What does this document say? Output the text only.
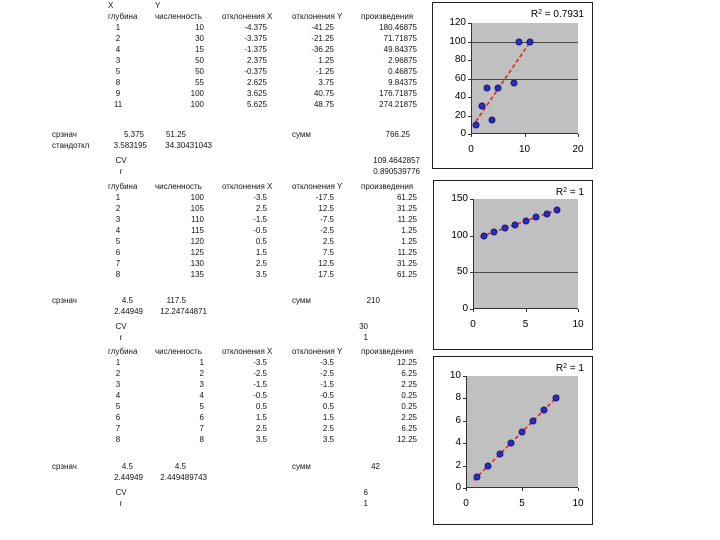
X	Y
глубина	численность	отклонения X	отклонения Y	произведения
1	10	-4.375	-41.25	180.46875
2	30	-3.375	-21.25	71.71875
4	15	-1.375	-36.25	49.84375
3	50	2.375	1.25	2.96875
5	50	-0.375	-1.25	0.46875
8	55	2.625	3.75	9.84375
9	100	3.625	40.75	176.71875
11	100	5.625	48.75	274.21875
срзнач	5.375	51.25	сумм	766.25
стандоткл	3.583195	34.30431043
CV	109.4642857
r	0.890539776
глубина	численность	отклонения X	отклонения Y	произведения
1	100	-3.5	-17.5	61.25
2	105	2.5	12.5	31.25
3	110	-1.5	-7.5	11.25
4	115	-0.5	-2.5	1.25
5	120	0.5	2.5	1.25
6	125	1.5	7.5	11.25
7	130	2.5	12.5	31.25
8	135	3.5	17.5	61.25
срзнач	4.5	117.5	сумм	210
2.44949	12.24744871
CV	30
r	1
глубина	численность	отклонения X	отклонения Y	произведения
1	1	-3.5	-3.5	12.25
2	2	-2.5	-2.5	6.25
3	3	-1.5	-1.5	2.25
4	4	-0.5	-0.5	0.25
5	5	0.5	0.5	0.25
6	6	1.5	1.5	2.25
7	7	2.5	2.5	6.25
8	8	3.5	3.5	12.25
срзнач	4.5	4.5	сумм	42
2.44949	2.449489743
CV	6
r	1
$R^2 = 0.7931$
0
20
40
60
80
100
120
0	10	20
$R^2 = 1$
0
50
100
150
0	5	10
$R^2 = 1$
0
2
4
6
8
10
0	5	10
